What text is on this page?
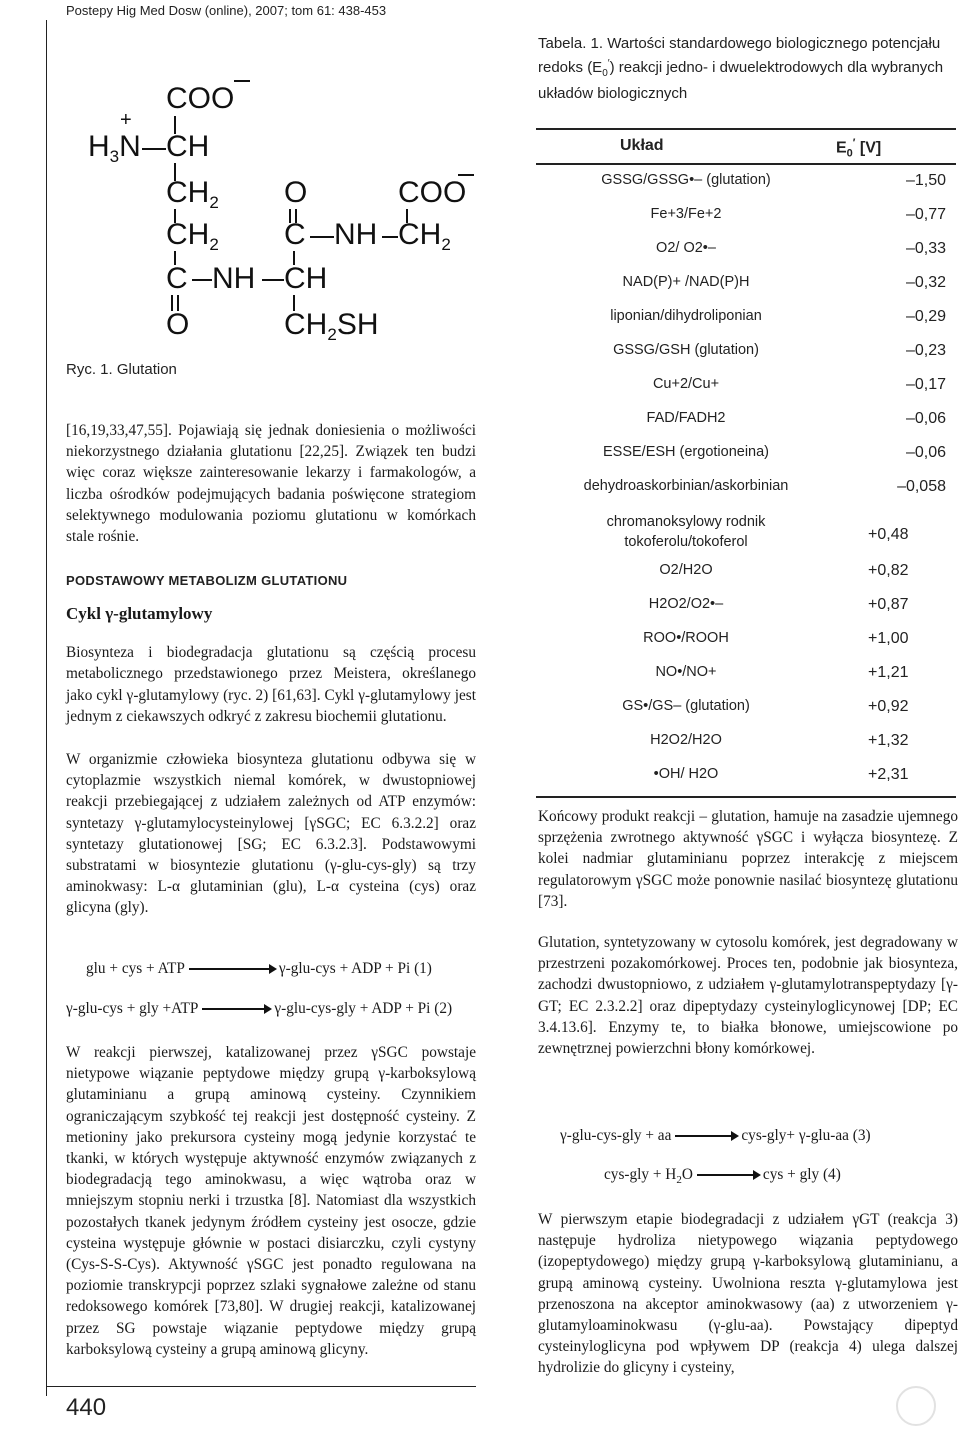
Postepy Hig Med Dosw (online), 2007; tom 61: 438-453
440
COO
$H_3N$
+
CH
$CH_2$
$CH_2$
C NH
O
O
C NH
CH
$CH_2SH$
COO
$CH_2$
Ryc. 1. Glutation

[16,19,33,47,55]. Pojawiają się jednak doniesienia o możliwości niekorzystnego działania glutationu [22,25]. Związek ten budzi więc coraz większe zainteresowanie lekarzy i farmakologów, a liczba ośrodków podejmujących badania poświęcone strategiom selektywnego modulowania poziomu glutationu w komórkach stale rośnie.

PODSTAWOWY METABOLIZM GLUTATIONU

Cykl γ-glutamylowy

Biosynteza i biodegradacja glutationu są częścią procesu metabolicznego przedstawionego przez Meistera, określanego jako cykl γ-glutamylowy (ryc. 2) [61,63]. Cykl γ-glutamylowy jest jednym z ciekawszych odkryć z zakresu biochemii glutationu.

W organizmie człowieka biosynteza glutationu odbywa się w cytoplazmie wszystkich niemal komórek, w dwustopniowej reakcji przebiegającej z udziałem zależnych od ATP enzymów: syntetazy γ-glutamylocysteinylowej [γSGC; EC 6.3.2.2] oraz syntetazy glutationowej [SG; EC 6.3.2.3]. Podstawowymi substratami w biosyntezie glutationu (γ-glu-cys-gly) są trzy aminokwasy: L-α glutaminian (glu), L-α cysteina (cys) oraz glicyna (gly).

glu + cys + ATP	γ-glu-cys + ADP + Pi (1)
γ-glu-cys + gly +ATP	γ-glu-cys-gly + ADP + Pi (2)

W reakcji pierwszej, katalizowanej przez γSGC powstaje nietypowe wiązanie peptydowe między grupą γ-karboksylową glutaminianu a grupą aminową cysteiny. Czynnikiem ograniczającym szybkość tej reakcji jest dostępność cysteiny. Z metioniny jako prekursora cysteiny mogą jedynie korzystać te tkanki, w których występuje aktywność enzymów związanych z biodegradacją tego aminokwasu, a więc wątroba oraz w mniejszym stopniu nerki i trzustka [8]. Natomiast dla wszystkich pozostałych tkanek jedynym źródłem cysteiny jest osocze, gdzie cysteina występuje głównie w postaci disiarczku, czyli cystyny (Cys-S-S-Cys). Aktywność γSGC jest ponadto regulowana na poziomie transkrypcji poprzez szlaki sygnałowe zależne od stanu redoksowego komórek [73,80]. W drugiej reakcji, katalizowanej przez SG powstaje wiązanie peptydowe między grupą karboksylową cysteiny a grupą aminową glicyny.

Tabela. 1. Wartości standardowego biologicznego potencjału redoks $(E_0')$ reakcji jedno- i dwuelektrodowych dla wybranych układów biologicznych
Układ	$E_0'$ [V]
GSSG/GSSG•– (glutation)	–1,50
Fe+3/Fe+2	–0,77
O2/ O2•–	–0,33
NAD(P)+ /NAD(P)H	–0,32
liponian/dihydroliponian	–0,29
GSSG/GSH (glutation)	–0,23
Cu+2/Cu+	–0,17
FAD/FADH2	–0,06
ESSE/ESH (ergotioneina)	–0,06
dehydroaskorbinian/askorbinian	–0,058
chromanoksylowy rodnik tokoferolu/tokoferol	+0,48
O2/H2O	+0,82
H2O2/O2•–	+0,87
ROO•/ROOH	+1,00
NO•/NO+	+1,21
GS•/GS– (glutation)	+0,92
H2O2/H2O	+1,32
•OH/ H2O	+2,31

Końcowy produkt reakcji – glutation, hamuje na zasadzie ujemnego sprzężenia zwrotnego aktywność γSGC i wyłącza biosyntezę. Z kolei nadmiar glutaminianu poprzez interakcję z miejscem regulatorowym γSGC może ponownie nasilać biosyntezę glutationu [73].

Glutation, syntetyzowany w cytosolu komórek, jest degradowany w przestrzeni pozakomórkowej. Proces ten, podobnie jak biosynteza, zachodzi dwustopniowo, z udziałem γ-glutamylotranspeptydazy [γ-GT; EC 2.3.2.2] oraz dipeptydazy cysteinyloglicynowej [DP; EC 3.4.13.6]. Enzymy te, to białka błonowe, umiejscowione po zewnętrznej powierzchni błony komórkowej.

γ-glu-cys-gly + aa	cys-gly+ γ-glu-aa (3)
$cys-gly + H_2O$	cys + gly (4)

W pierwszym etapie biodegradacji z udziałem γGT (reakcja 3) następuje hydroliza nietypowego wiązania peptydowego (izopeptydowego) między grupą γ-karboksylową glutaminianu, a grupą aminową cysteiny. Uwolniona reszta γ-glutamylowa jest przenoszona na akceptor aminokwasowy (aa) z utworzeniem γ-glutamyloaminokwasu (γ-glu-aa). Powstający dipeptyd cysteinyloglicyna pod wpływem DP (reakcja 4) ulega dalszej hydrolizie do glicyny i cysteiny,
